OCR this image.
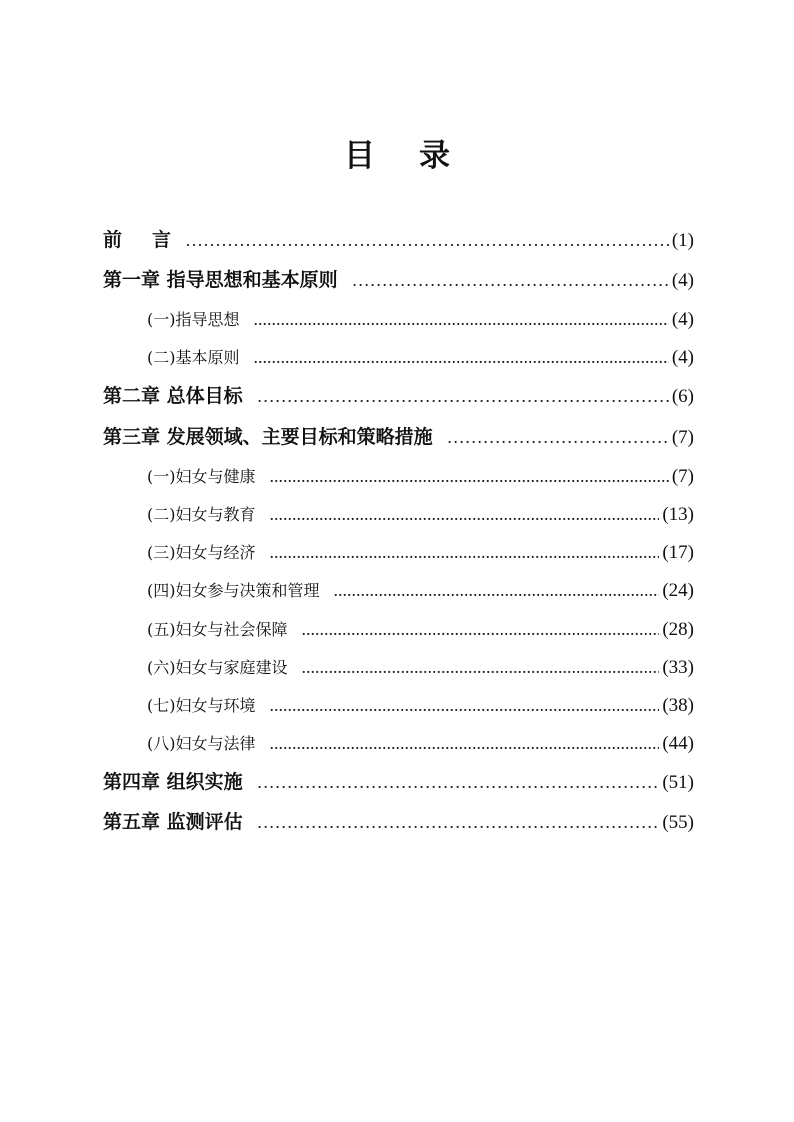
目 录
前 言 …………………………………………………………………………………………………………………………………………………………………………………………………	(1)
第一章 指导思想和基本原则 …………………………………………………………………………………………………………………………………………………………………………………………………	(4)
(一)指导思想 .....	(4)
(二)基本原则 .....	(4)
第二章 总体目标 …………………………………………………………………………………………………………………………………………………………………………………………………	(6)
第三章 发展领域、主要目标和策略措施 …………………………………………………………………………………………………………………………………………………………………………………………………	(7)
(一)妇女与健康 .....	(7)
(二)妇女与教育 .....	(13)
(三)妇女与经济 .....	(17)
(四)妇女参与决策和管理 .....	(24)
(五)妇女与社会保障 .....	(28)
(六)妇女与家庭建设 .....	(33)
(七)妇女与环境 .....	(38)
(八)妇女与法律 .....	(44)
第四章 组织实施 …………………………………………………………………………………………………………………………………………………………………………………………………	(51)
第五章 监测评估 …………………………………………………………………………………………………………………………………………………………………………………………………	(55)
